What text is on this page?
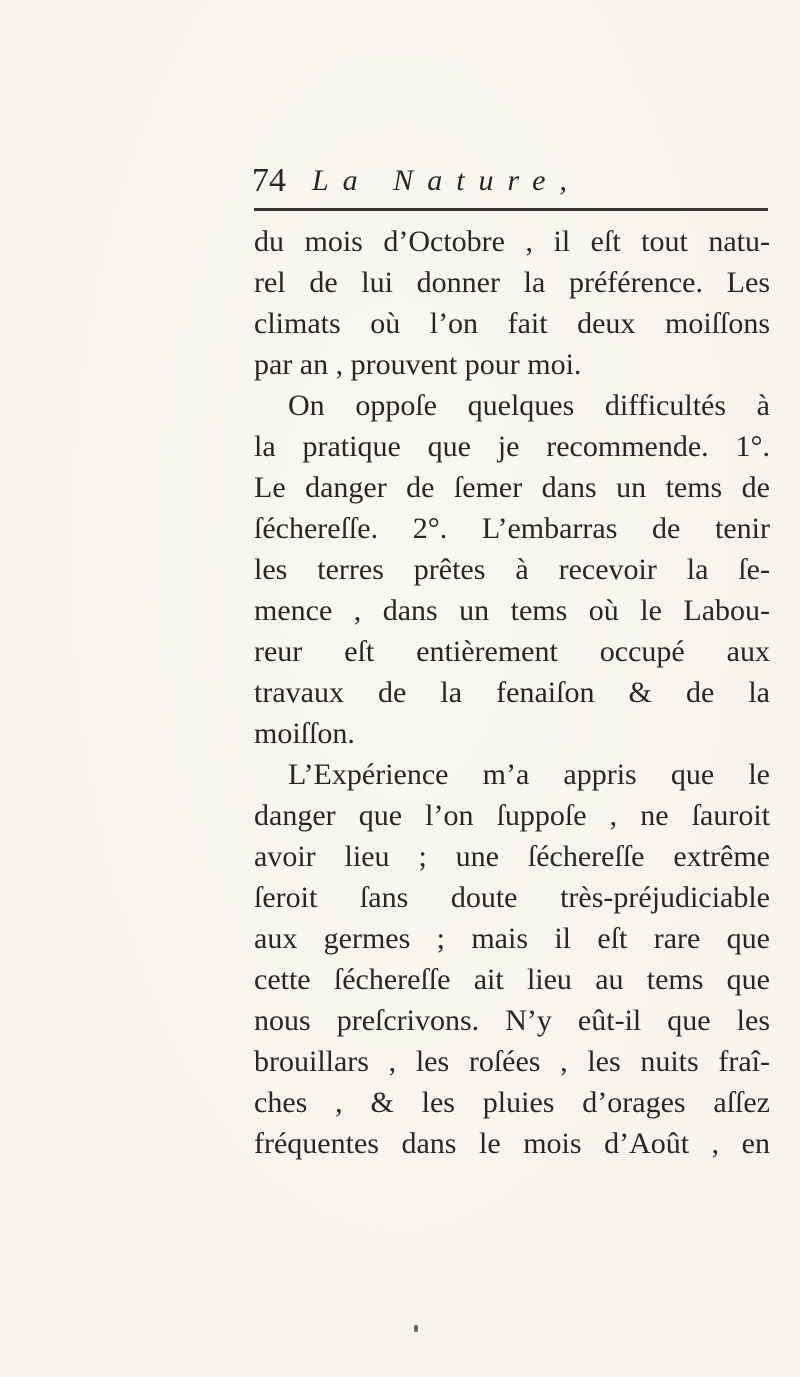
74 La Nature,
du mois d’Octobre , il eſt tout natu-
rel de lui donner la préférence. Les
climats où l’on fait deux moiſſons
par an , prouvent pour moi.
On oppoſe quelques difficultés à
la pratique que je recommende. 1°.
Le danger de ſemer dans un tems de
ſéchereſſe. 2°. L’embarras de tenir
les terres prêtes à recevoir la ſe-
mence , dans un tems où le Labou-
reur eſt entièrement occupé aux
travaux de la fenaiſon & de la
moiſſon.
L’Expérience m’a appris que le
danger que l’on ſuppoſe , ne ſauroit
avoir lieu ; une ſéchereſſe extrême
ſeroit ſans doute très-préjudiciable
aux germes ; mais il eſt rare que
cette ſéchereſſe ait lieu au tems que
nous preſcrivons. N’y eût-il que les
brouillars , les roſées , les nuits fraî-
ches , & les pluies d’orages aſſez
fréquentes dans le mois d’Août , en
